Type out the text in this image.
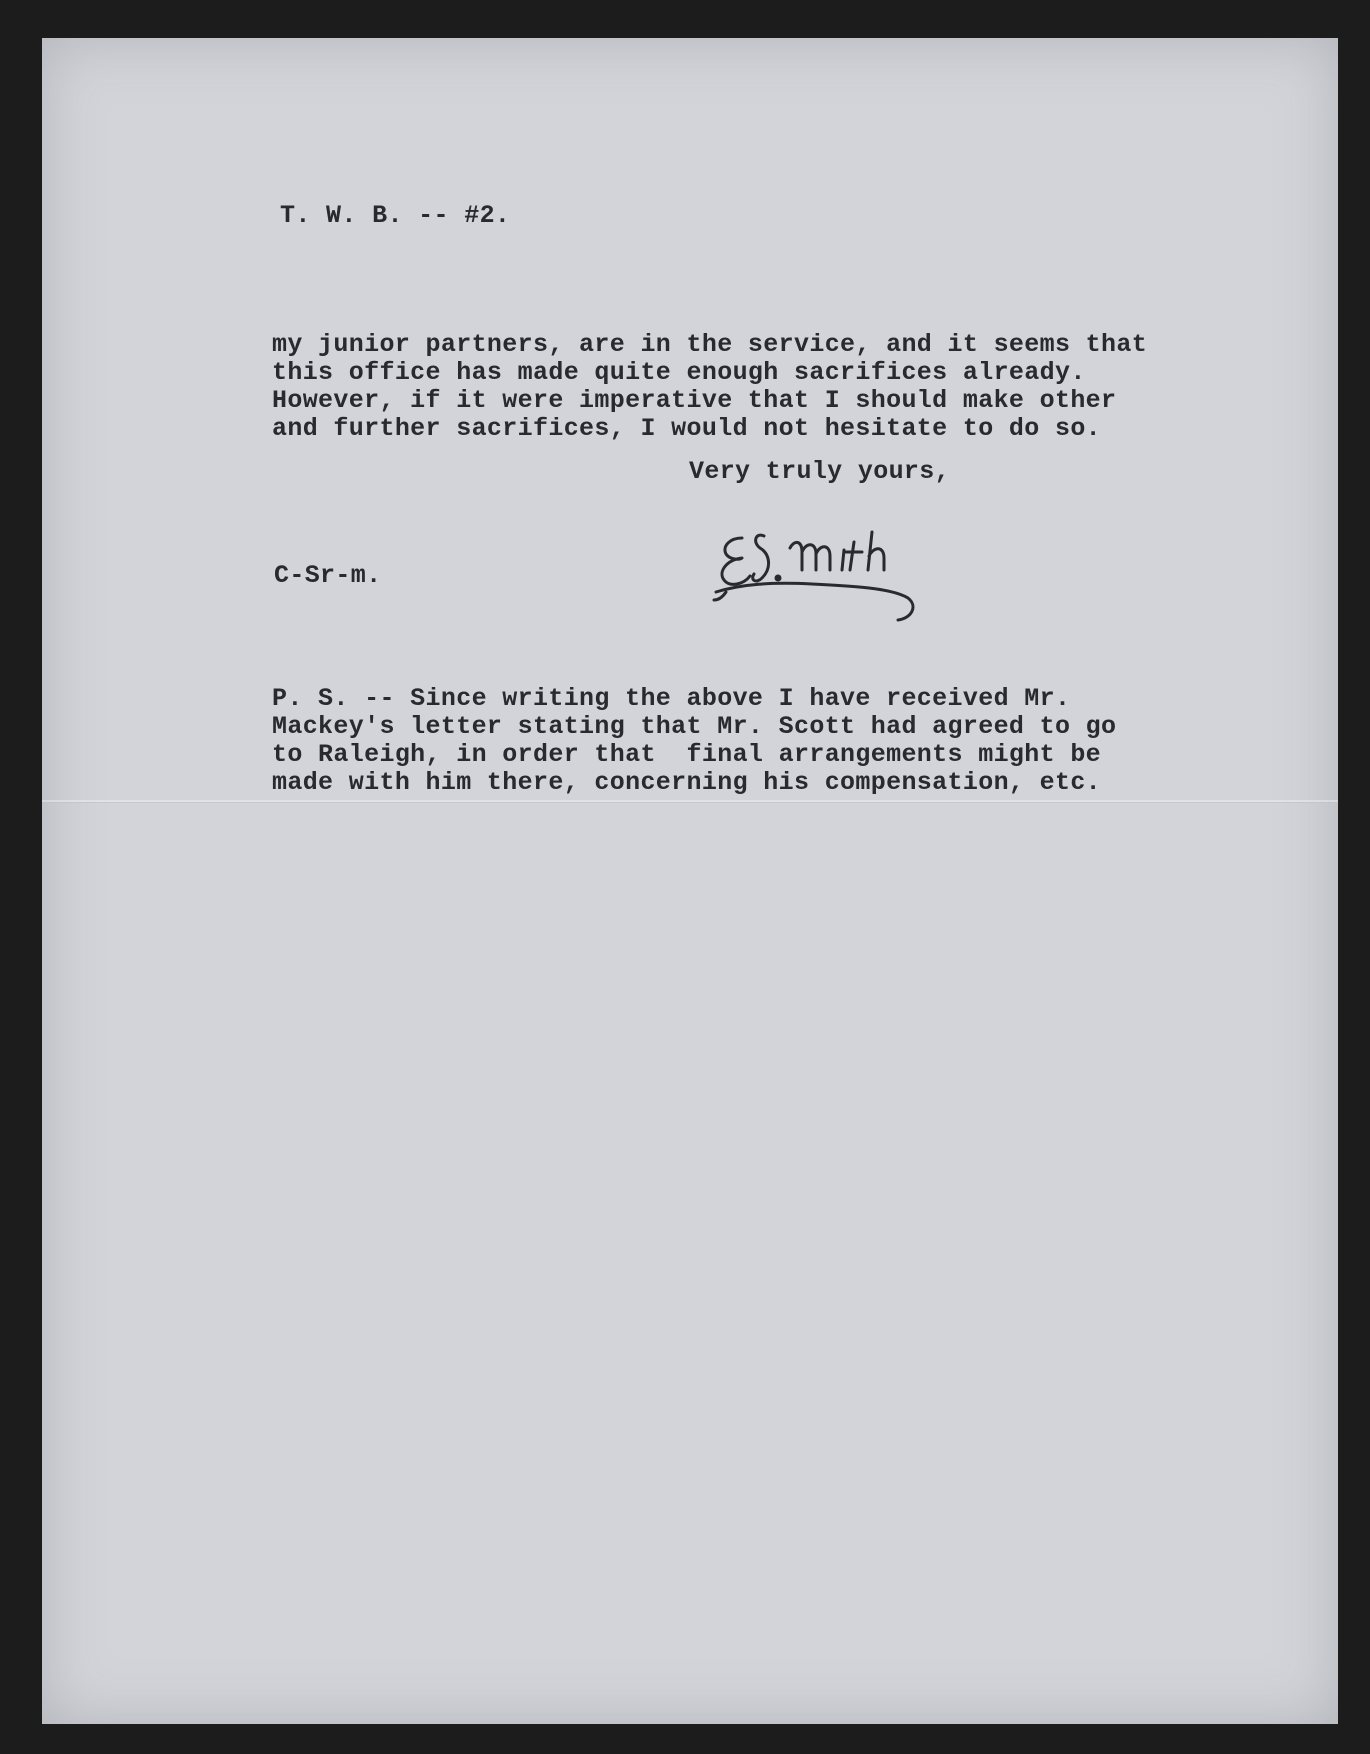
T. W. B. -- #2.

my junior partners, are in the service, and it seems that
this office has made quite enough sacrifices already.
However, if it were imperative that I should make other
and further sacrifices, I would not hesitate to do so.

Very truly yours,

C-Sr-m.

P. S. -- Since writing the above I have received Mr.
Mackey's letter stating that Mr. Scott had agreed to go
to Raleigh, in order that  final arrangements might be
made with him there, concerning his compensation, etc.
